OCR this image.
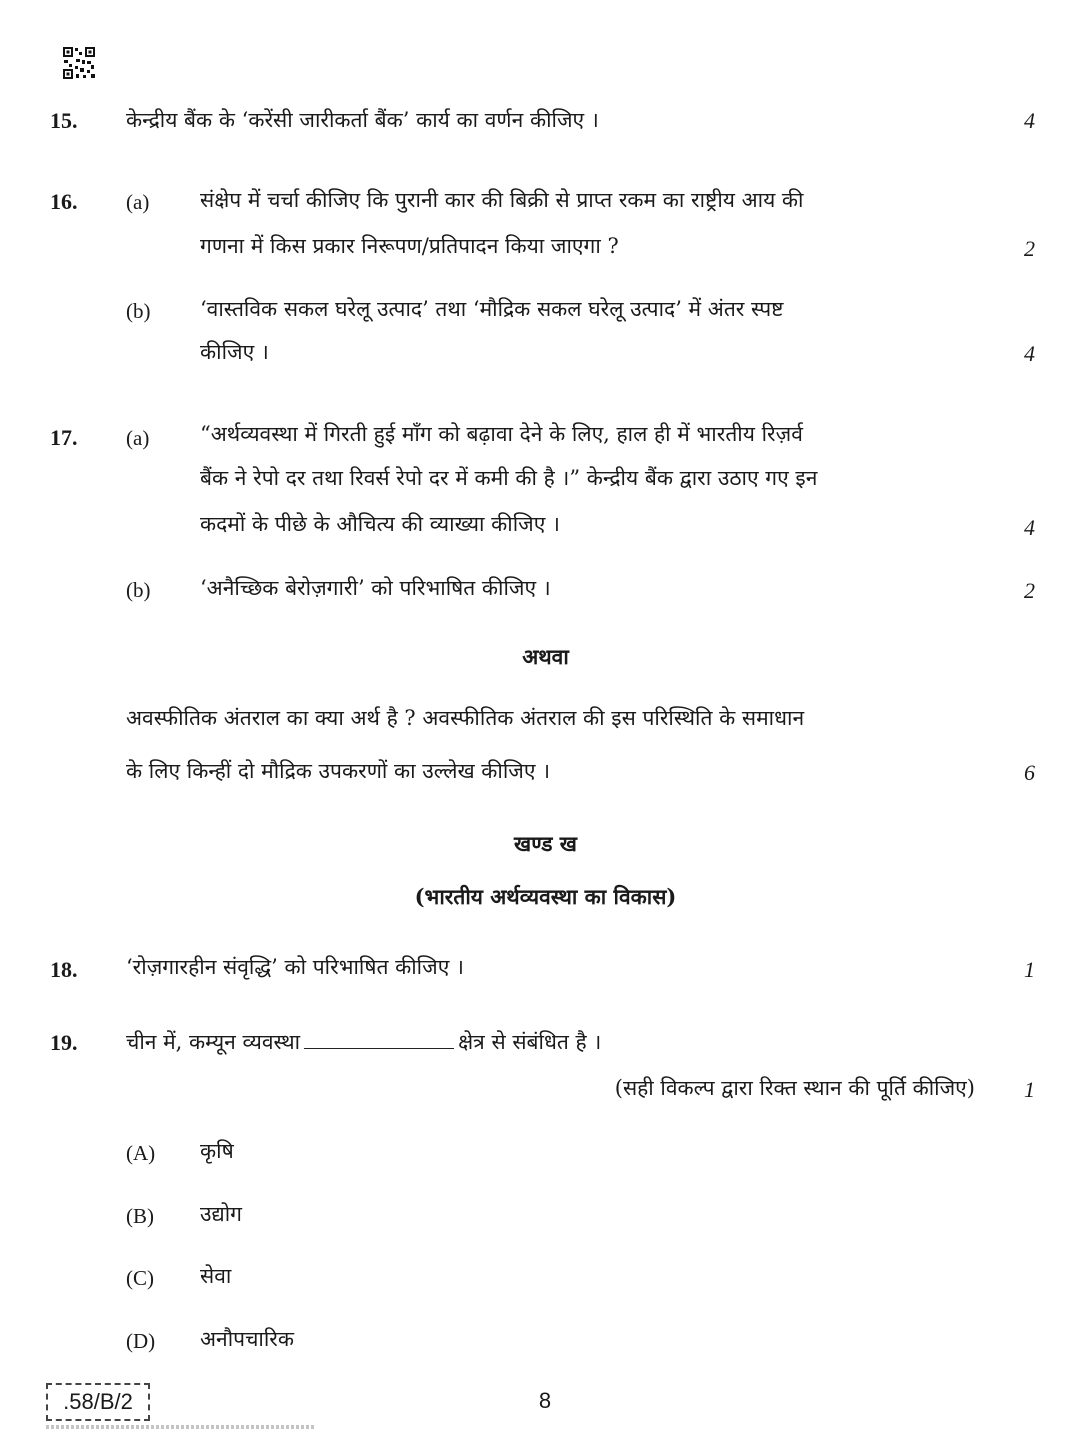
15. केन्द्रीय बैंक के ‘करेंसी जारीकर्ता बैंक’ कार्य का वर्णन कीजिए ।	4
16. (a) संक्षेप में चर्चा कीजिए कि पुरानी कार की बिक्री से प्राप्त रकम का राष्ट्रीय आय की
गणना में किस प्रकार निरूपण/प्रतिपादन किया जाएगा ?	2
(b) ‘वास्तविक सकल घरेलू उत्पाद’ तथा ‘मौद्रिक सकल घरेलू उत्पाद’ में अंतर स्पष्ट
कीजिए ।	4
17. (a) “अर्थव्यवस्था में गिरती हुई माँग को बढ़ावा देने के लिए, हाल ही में भारतीय रिज़र्व
बैंक ने रेपो दर तथा रिवर्स रेपो दर में कमी की है ।” केन्द्रीय बैंक द्वारा उठाए गए इन
कदमों के पीछे के औचित्य की व्याख्या कीजिए ।	4
(b) ‘अनैच्छिक बेरोज़गारी’ को परिभाषित कीजिए ।	2
अथवा
अवस्फीतिक अंतराल का क्या अर्थ है ? अवस्फीतिक अंतराल की इस परिस्थिति के समाधान
के लिए किन्हीं दो मौद्रिक उपकरणों का उल्लेख कीजिए ।	6
खण्ड ख
(भारतीय अर्थव्यवस्था का विकास)
18. ‘रोज़गारहीन संवृद्धि’ को परिभाषित कीजिए ।	1
19. चीन में, कम्यून व्यवस्था	क्षेत्र से संबंधित है ।
(सही विकल्प द्वारा रिक्त स्थान की पूर्ति कीजिए) 1
(A) कृषि
(B) उद्योग
(C) सेवा
(D) अनौपचारिक
.58/B/2	8
